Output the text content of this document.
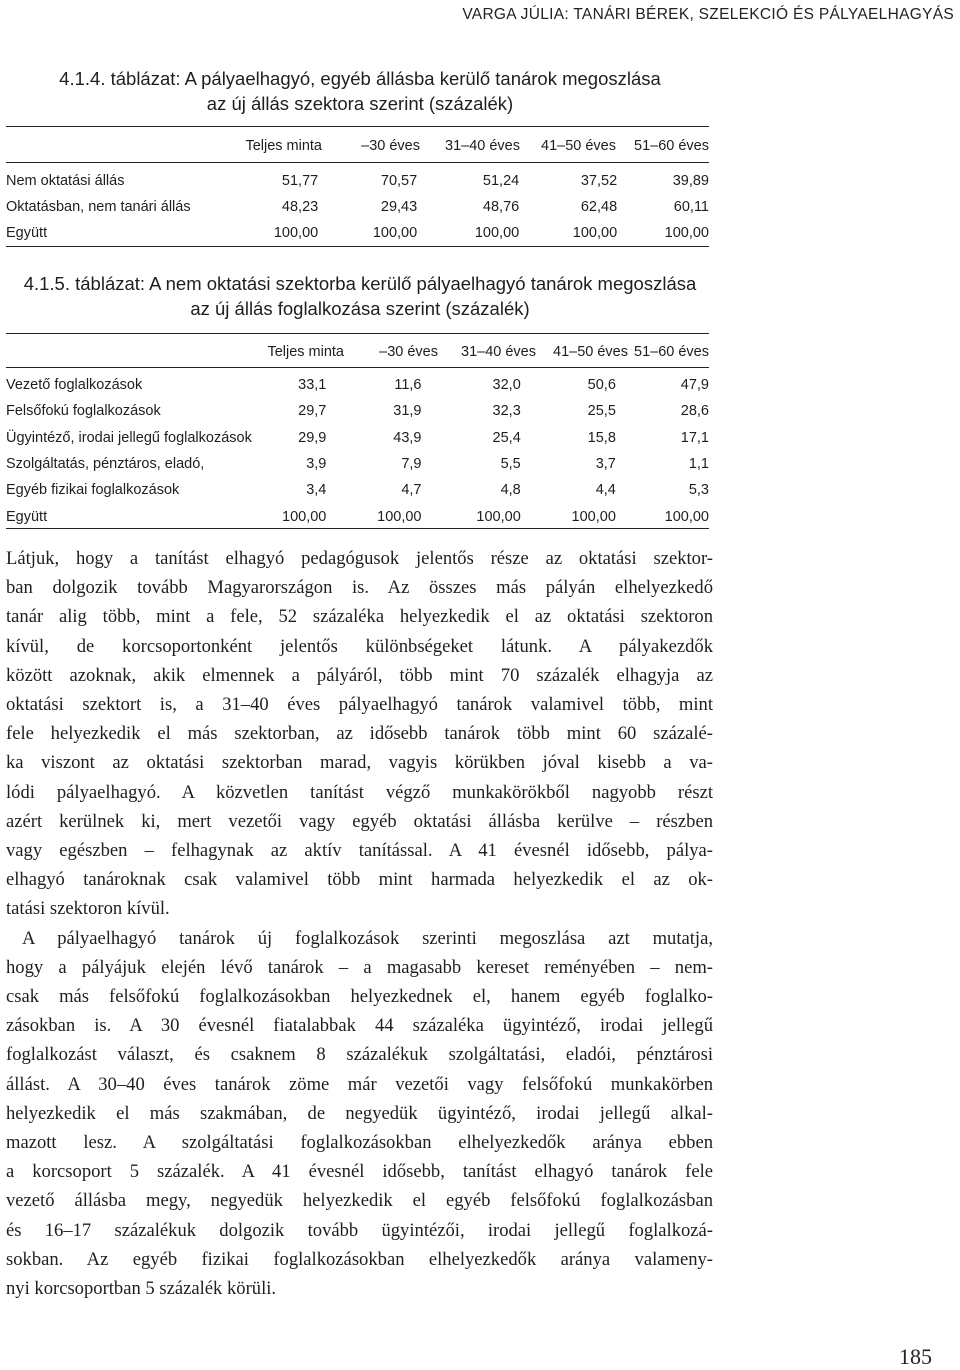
VARGA JÚLIA: TANÁRI BÉREK, SZELEKCIÓ ÉS PÁLYAELHAGYÁS
4.1.4. táblázat: A pályaelhagyó, egyéb állásba kerülő tanárok megoszlása
az új állás szektora szerint (százalék)
	Teljes minta	–30 éves	31–40 éves	41–50 éves	51–60 éves
Nem oktatási állás	51,77	70,57	51,24	37,52	39,89
Oktatásban, nem tanári állás	48,23	29,43	48,76	62,48	60,11
Együtt	100,00	100,00	100,00	100,00	100,00
4.1.5. táblázat: A nem oktatási szektorba kerülő pályaelhagyó tanárok megoszlása
az új állás foglalkozása szerint (százalék)
	Teljes minta	–30 éves	31–40 éves	41–50 éves	51–60 éves
Vezető foglalkozások	33,1	11,6	32,0	50,6	47,9
Felsőfokú foglalkozások	29,7	31,9	32,3	25,5	28,6
Ügyintéző, irodai jellegű foglalkozások	29,9	43,9	25,4	15,8	17,1
Szolgáltatás, pénztáros, eladó,	3,9	7,9	5,5	3,7	1,1
Egyéb fizikai foglalkozások	3,4	4,7	4,8	4,4	5,3
Együtt	100,00	100,00	100,00	100,00	100,00

Látjuk, hogy a tanítást elhagyó pedagógusok jelentős része az oktatási szektor-
ban dolgozik tovább Magyarországon is. Az összes más pályán elhelyezkedő
tanár alig több, mint a fele, 52 százaléka helyezkedik el az oktatási szektoron
kívül, de korcsoportonként jelentős különbségeket látunk. A pályakezdők
között azoknak, akik elmennek a pályáról, több mint 70 százalék elhagyja az
oktatási szektort is, a 31–40 éves pályaelhagyó tanárok valamivel több, mint
fele helyezkedik el más szektorban, az idősebb tanárok több mint 60 százalé-
ka viszont az oktatási szektorban marad, vagyis körükben jóval kisebb a va-
lódi pályaelhagyó. A közvetlen tanítást végző munkakörökből nagyobb részt
azért kerülnek ki, mert vezetői vagy egyéb oktatási állásba kerülve – részben
vagy egészben – felhagynak az aktív tanítással. A 41 évesnél idősebb, pálya-
elhagyó tanároknak csak valamivel több mint harmada helyezkedik el az ok-
tatási szektoron kívül.

A pályaelhagyó tanárok új foglalkozások szerinti megoszlása azt mutatja,
hogy a pályájuk elején lévő tanárok – a magasabb kereset reményében – nem-
csak más felsőfokú foglalkozásokban helyezkednek el, hanem egyéb foglalko-
zásokban is. A 30 évesnél fiatalabbak 44 százaléka ügyintéző, irodai jellegű
foglalkozást választ, és csaknem 8 százalékuk szolgáltatási, eladói, pénztárosi
állást. A 30–40 éves tanárok zöme már vezetői vagy felsőfokú munkakörben
helyezkedik el más szakmában, de negyedük ügyintéző, irodai jellegű alkal-
mazott lesz. A szolgáltatási foglalkozásokban elhelyezkedők aránya ebben
a korcsoport 5 százalék. A 41 évesnél idősebb, tanítást elhagyó tanárok fele
vezető állásba megy, negyedük helyezkedik el egyéb felsőfokú foglalkozásban
és 16–17 százalékuk dolgozik tovább ügyintézői, irodai jellegű foglalkozá-
sokban. Az egyéb fizikai foglalkozásokban elhelyezkedők aránya valameny-
nyi korcsoportban 5 százalék körüli.

185
